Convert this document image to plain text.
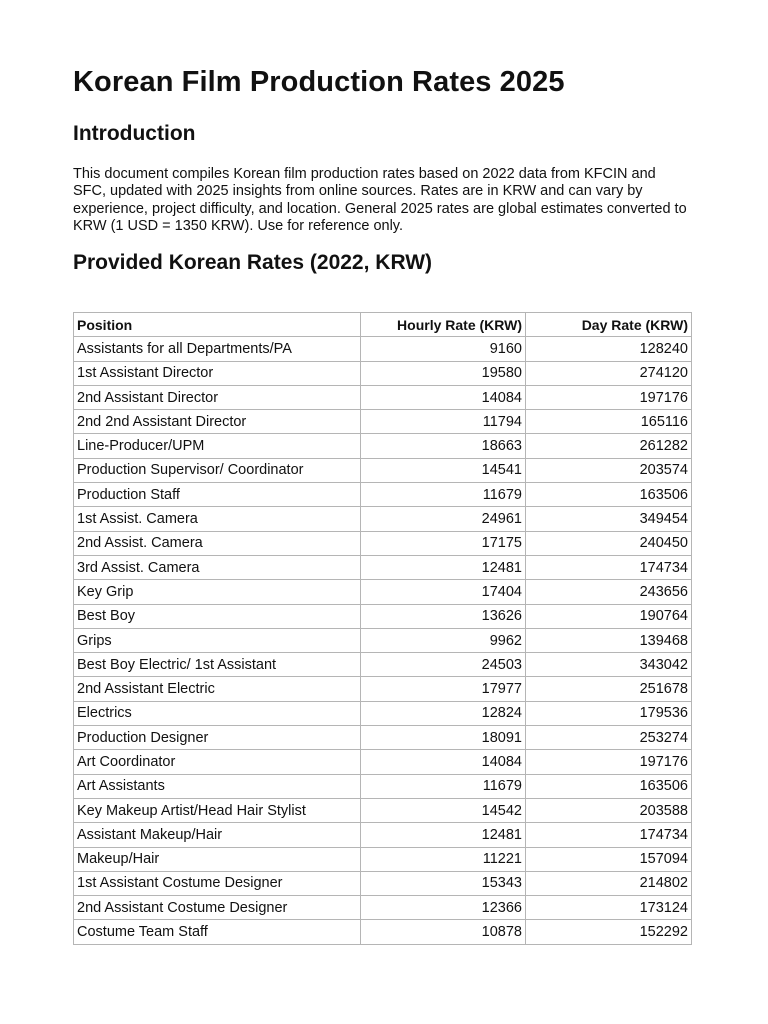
Korean Film Production Rates 2025
Introduction

This document compiles Korean film production rates based on 2022 data from KFCIN and SFC, updated with 2025 insights from online sources. Rates are in KRW and can vary by experience, project difficulty, and location. General 2025 rates are global estimates converted to KRW (1 USD = 1350 KRW). Use for reference only.

Provided Korean Rates (2022, KRW)
Position	Hourly Rate (KRW)	Day Rate (KRW)
Assistants for all Departments/PA	9160	128240
1st Assistant Director	19580	274120
2nd Assistant Director	14084	197176
2nd 2nd Assistant Director	11794	165116
Line-Producer/UPM	18663	261282
Production Supervisor/ Coordinator	14541	203574
Production Staff	11679	163506
1st Assist. Camera	24961	349454
2nd Assist. Camera	17175	240450
3rd Assist. Camera	12481	174734
Key Grip	17404	243656
Best Boy	13626	190764
Grips	9962	139468
Best Boy Electric/ 1st Assistant	24503	343042
2nd Assistant Electric	17977	251678
Electrics	12824	179536
Production Designer	18091	253274
Art Coordinator	14084	197176
Art Assistants	11679	163506
Key Makeup Artist/Head Hair Stylist	14542	203588
Assistant Makeup/Hair	12481	174734
Makeup/Hair	11221	157094
1st Assistant Costume Designer	15343	214802
2nd Assistant Costume Designer	12366	173124
Costume Team Staff	10878	152292
